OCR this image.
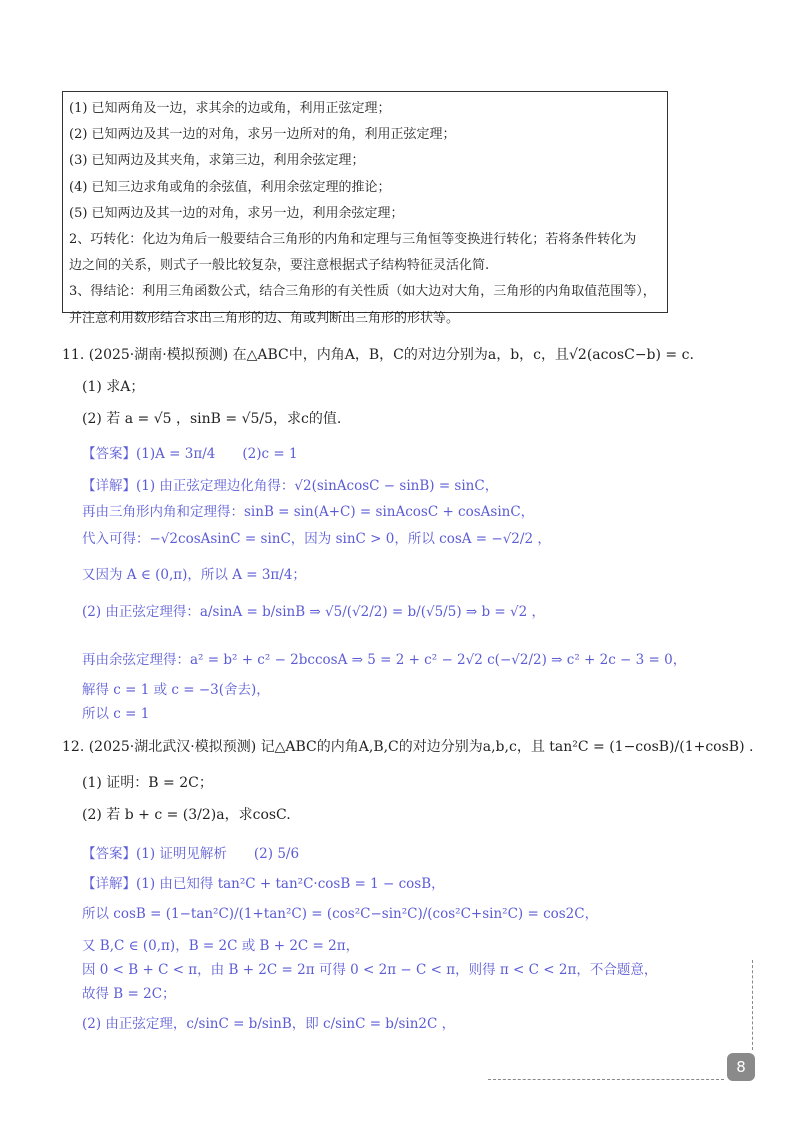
(1) 已知两角及一边，求其余的边或角，利用正弦定理；
(2) 已知两边及其一边的对角，求另一边所对的角，利用正弦定理；
(3) 已知两边及其夹角，求第三边，利用余弦定理；
(4) 已知三边求角或角的余弦值，利用余弦定理的推论；
(5) 已知两边及其一边的对角，求另一边，利用余弦定理；
2、巧转化：化边为角后一般要结合三角形的内角和定理与三角恒等变换进行转化；若将条件转化为
边之间的关系，则式子一般比较复杂，要注意根据式子结构特征灵活化简.
3、得结论：利用三角函数公式，结合三角形的有关性质（如大边对大角，三角形的内角取值范围等），
并注意利用数形结合求出三角形的边、角或判断出三角形的形状等。
11. (2025·湖南·模拟预测) 在△ABC中，内角A，B，C的对边分别为a，b，c，且√2(acosC−b) = c.
(1) 求A；
(2) 若 a = √5 ，sinB = √5/5，求c的值.
【答案】(1)A = 3π/4　　(2)c = 1
【详解】(1) 由正弦定理边化角得：√2(sinAcosC − sinB) = sinC，
再由三角形内角和定理得：sinB = sin(A+C) = sinAcosC + cosAsinC，
代入可得：−√2cosAsinC = sinC，因为 sinC > 0，所以 cosA = −√2/2 ，
又因为 A ∈ (0,π)，所以 A = 3π/4；
(2) 由正弦定理得：a/sinA = b/sinB ⇒ √5/(√2/2) = b/(√5/5) ⇒ b = √2 ，
再由余弦定理得：a² = b² + c² − 2bccosA ⇒ 5 = 2 + c² − 2√2 c(−√2/2) ⇒ c² + 2c − 3 = 0，
解得 c = 1 或 c = −3(舍去)，
所以 c = 1
12. (2025·湖北武汉·模拟预测) 记△ABC的内角A,B,C的对边分别为a,b,c，且 tan²C = (1−cosB)/(1+cosB) .
(1) 证明：B = 2C；
(2) 若 b + c = (3/2)a，求cosC.
【答案】(1) 证明见解析　　(2) 5/6
【详解】(1) 由已知得 tan²C + tan²C·cosB = 1 − cosB，
所以 cosB = (1−tan²C)/(1+tan²C) = (cos²C−sin²C)/(cos²C+sin²C) = cos2C，
又 B,C ∈ (0,π)，B = 2C 或 B + 2C = 2π，
因 0 < B + C < π，由 B + 2C = 2π 可得 0 < 2π − C < π，则得 π < C < 2π，不合题意，
故得 B = 2C；
(2) 由正弦定理，c/sinC = b/sinB，即 c/sinC = b/sin2C ，
8
